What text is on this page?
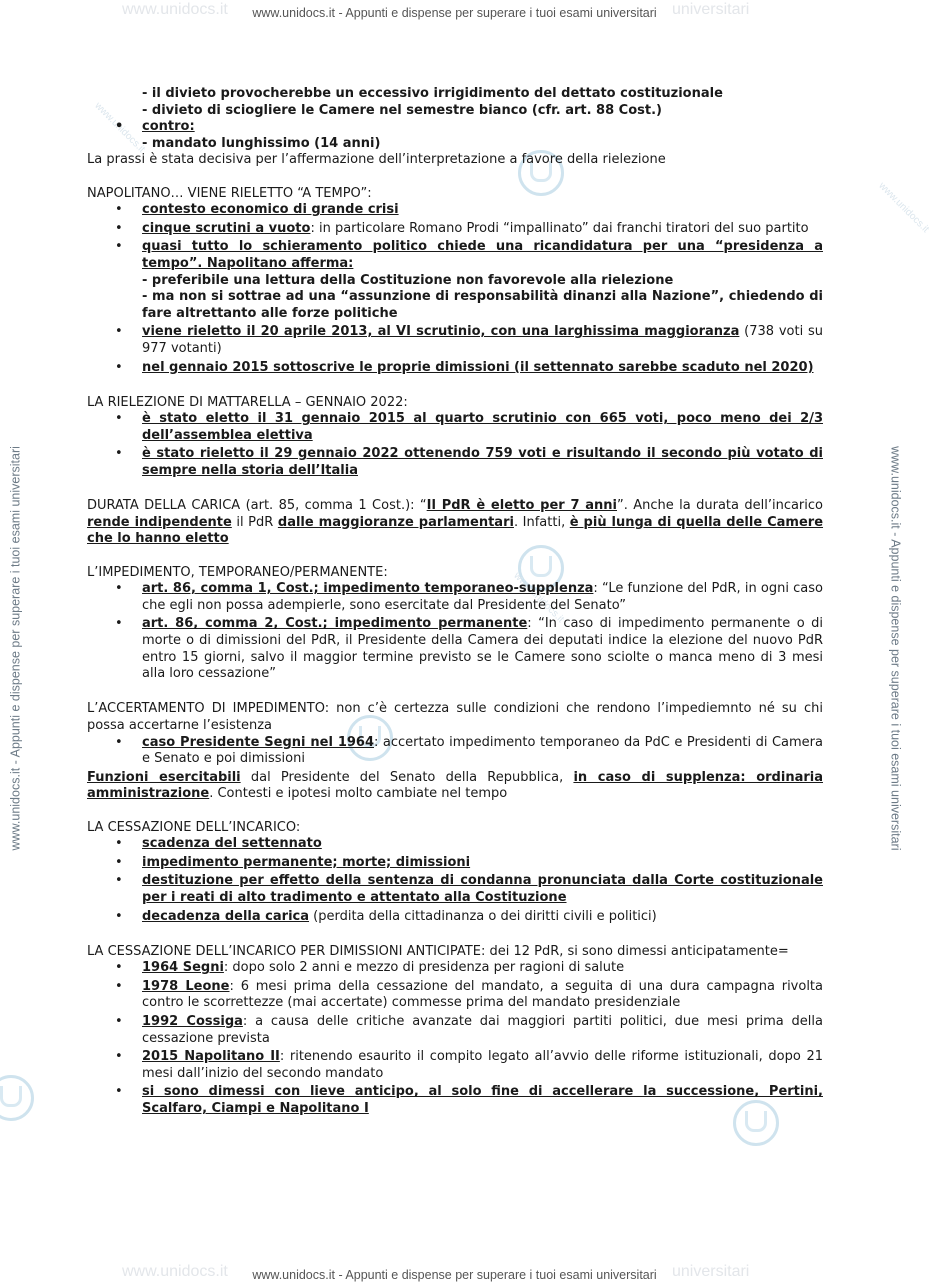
www.unidocs.it www.unidocs.it - Appunti e dispense per superare i tuoi esami universitari universitari
www.unidocs.it www.unidocs.it - Appunti e dispense per superare i tuoi esami universitari universitari
www.unidocs.it - Appunti e dispense per superare i tuoi esami universitari	www.unidocs.it - Appunti e dispense per superare i tuoi esami universitari
www.unidocs.it
www.unidocs.it
www.unidocs.it
- il divieto provocherebbe un eccessivo irrigidimento del dettato costituzionale
- divieto di sciogliere le Camere nel semestre bianco (cfr. art. 88 Cost.)
• contro:
- mandato lunghissimo (14 anni)

La prassi è stata decisiva per l’affermazione dell’interpretazione a favore della rielezione

NAPOLITANO… VIENE RIELETTO “A TEMPO”:

• contesto economico di grande crisi
• cinque scrutini a vuoto: in particolare Romano Prodi “impallinato” dai franchi tiratori del suo partito
• quasi tutto lo schieramento politico chiede una ricandidatura per una “presidenza a tempo”. Napolitano afferma:
- preferibile una lettura della Costituzione non favorevole alla rielezione
- ma non si sottrae ad una “assunzione di responsabilità dinanzi alla Nazione”, chiedendo di fare altrettanto alle forze politiche
• viene rieletto il 20 aprile 2013, al VI scrutinio, con una larghissima maggioranza (738 voti su 977 votanti)
• nel gennaio 2015 sottoscrive le proprie dimissioni (il settennato sarebbe scaduto nel 2020)

LA RIELEZIONE DI MATTARELLA – GENNAIO 2022:

• è stato eletto il 31 gennaio 2015 al quarto scrutinio con 665 voti, poco meno dei 2/3 dell’assemblea elettiva
• è stato rieletto il 29 gennaio 2022 ottenendo 759 voti e risultando il secondo più votato di sempre nella storia dell’Italia

DURATA DELLA CARICA (art. 85, comma 1 Cost.): “Il PdR è eletto per 7 anni”. Anche la durata dell’incarico rende indipendente il PdR dalle maggioranze parlamentari. Infatti, è più lunga di quella delle Camere che lo hanno eletto

L’IMPEDIMENTO, TEMPORANEO/PERMANENTE:

• art. 86, comma 1, Cost.; impedimento temporaneo-supplenza: “Le funzione del PdR, in ogni caso che egli non possa adempierle, sono esercitate dal Presidente del Senato”
• art. 86, comma 2, Cost.; impedimento permanente: “In caso di impedimento permanente o di morte o di dimissioni del PdR, il Presidente della Camera dei deputati indice la elezione del nuovo PdR entro 15 giorni, salvo il maggior termine previsto se le Camere sono sciolte o manca meno di 3 mesi alla loro cessazione”

L’ACCERTAMENTO DI IMPEDIMENTO: non c’è certezza sulle condizioni che rendono l’impediemnto né su chi possa accertarne l’esistenza

• caso Presidente Segni nel 1964: accertato impedimento temporaneo da PdC e Presidenti di Camera e Senato e poi dimissioni

Funzioni esercitabili dal Presidente del Senato della Repubblica, in caso di supplenza: ordinaria amministrazione. Contesti e ipotesi molto cambiate nel tempo

LA CESSAZIONE DELL’INCARICO:

• scadenza del settennato
• impedimento permanente; morte; dimissioni
• destituzione per effetto della sentenza di condanna pronunciata dalla Corte costituzionale per i reati di alto tradimento e attentato alla Costituzione
• decadenza della carica (perdita della cittadinanza o dei diritti civili e politici)

LA CESSAZIONE DELL’INCARICO PER DIMISSIONI ANTICIPATE: dei 12 PdR, si sono dimessi anticipatamente=

• 1964 Segni: dopo solo 2 anni e mezzo di presidenza per ragioni di salute
• 1978 Leone: 6 mesi prima della cessazione del mandato, a seguita di una dura campagna rivolta contro le scorrettezze (mai accertate) commesse prima del mandato presidenziale
• 1992 Cossiga: a causa delle critiche avanzate dai maggiori partiti politici, due mesi prima della cessazione prevista
• 2015 Napolitano II: ritenendo esaurito il compito legato all’avvio delle riforme istituzionali, dopo 21 mesi dall’inizio del secondo mandato
• si sono dimessi con lieve anticipo, al solo fine di accellerare la successione, Pertini, Scalfaro, Ciampi e Napolitano I
